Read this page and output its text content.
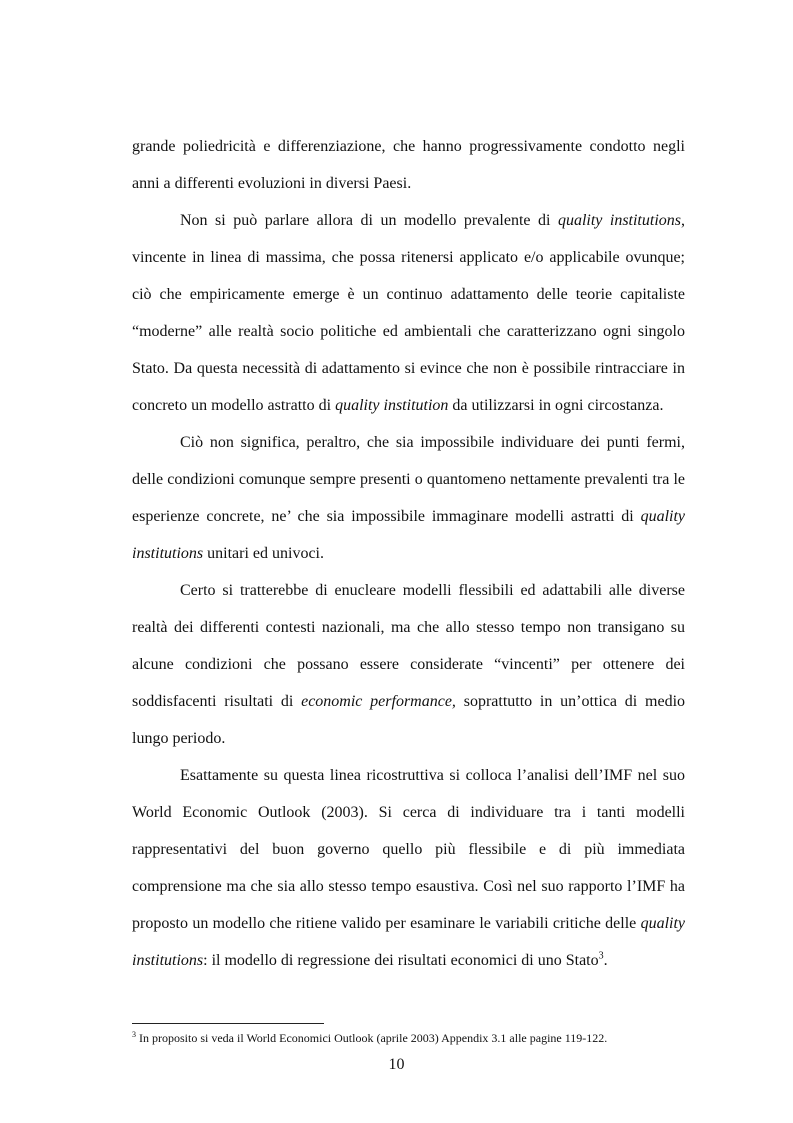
grande poliedricità e differenziazione, che hanno progressivamente condotto negli anni a differenti evoluzioni in diversi Paesi.

Non si può parlare allora di un modello prevalente di quality institutions, vincente in linea di massima, che possa ritenersi applicato e/o applicabile ovunque; ciò che empiricamente emerge è un continuo adattamento delle teorie capitaliste “moderne” alle realtà socio politiche ed ambientali che caratterizzano ogni singolo Stato. Da questa necessità di adattamento si evince che non è possibile rintracciare in concreto un modello astratto di quality institution da utilizzarsi in ogni circostanza.

Ciò non significa, peraltro, che sia impossibile individuare dei punti fermi, delle condizioni comunque sempre presenti o quantomeno nettamente prevalenti tra le esperienze concrete, ne’ che sia impossibile immaginare modelli astratti di quality institutions unitari ed univoci.

Certo si tratterebbe di enucleare modelli flessibili ed adattabili alle diverse realtà dei differenti contesti nazionali, ma che allo stesso tempo non transigano su alcune condizioni che possano essere considerate “vincenti” per ottenere dei soddisfacenti risultati di economic performance, soprattutto in un’ottica di medio lungo periodo.

Esattamente su questa linea ricostruttiva si colloca l’analisi dell’IMF nel suo World Economic Outlook (2003). Si cerca di individuare tra i tanti modelli rappresentativi del buon governo quello più flessibile e di più immediata comprensione ma che sia allo stesso tempo esaustiva. Così nel suo rapporto l’IMF ha proposto un modello che ritiene valido per esaminare le variabili critiche delle quality institutions: il modello di regressione dei risultati economici di uno Stato$^3$.

$^3$ In proposito si veda il World Economici Outlook (aprile 2003) Appendix 3.1 alle pagine 119-122.

10
